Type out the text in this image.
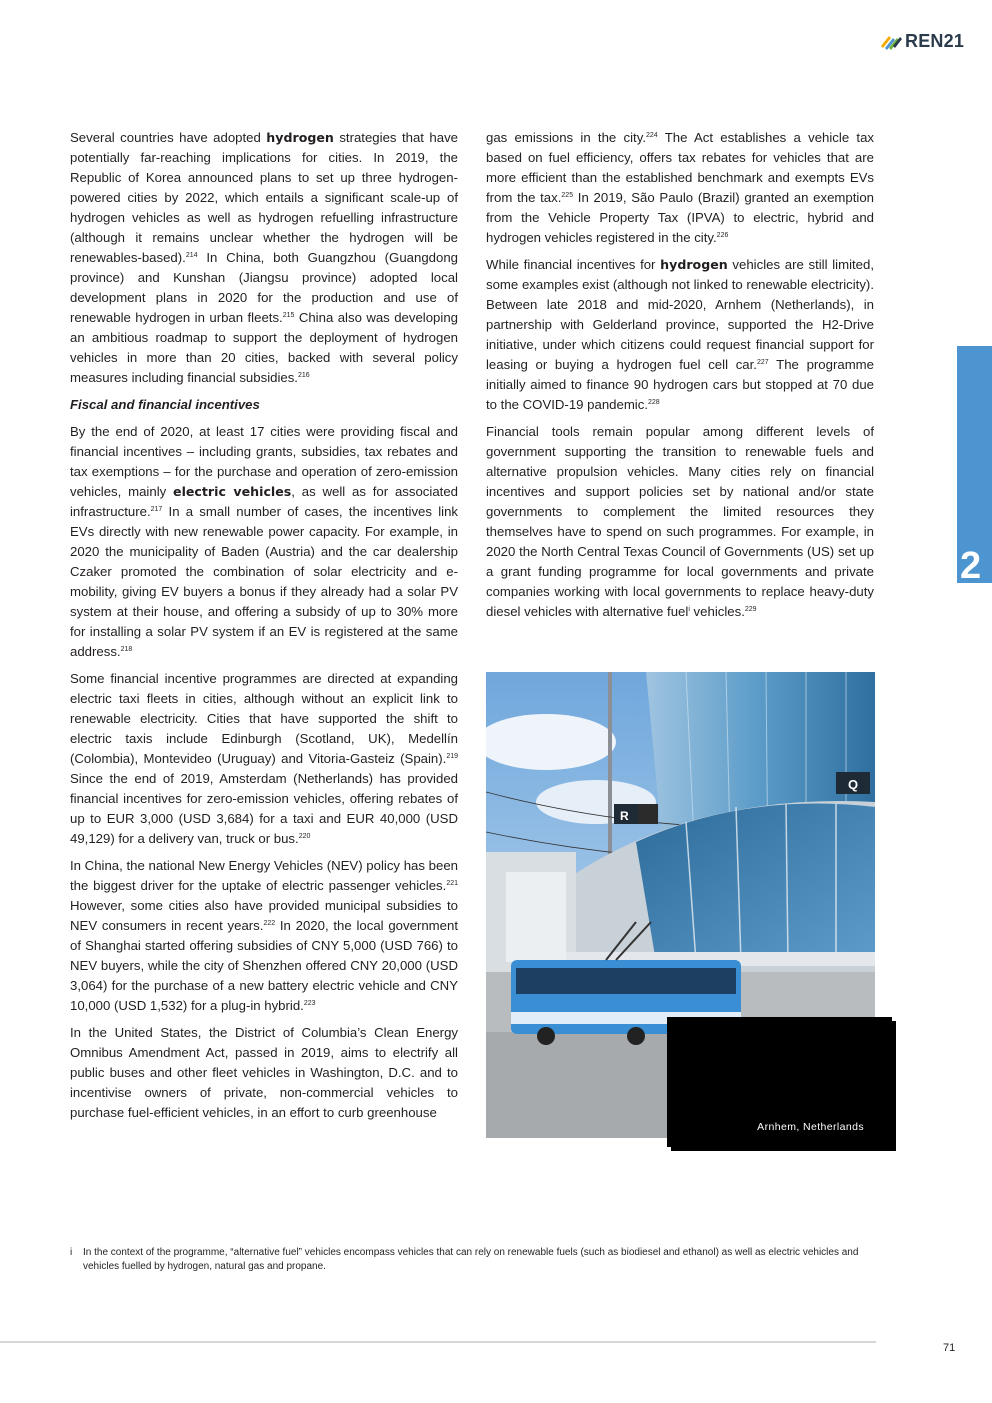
REN21

Several countries have adopted hydrogen strategies that have potentially far-reaching implications for cities. In 2019, the Republic of Korea announced plans to set up three hydrogen-powered cities by 2022, which entails a significant scale-up of hydrogen vehicles as well as hydrogen refuelling infrastructure (although it remains unclear whether the hydrogen will be renewables-based).$^{214}$ In China, both Guangzhou (Guangdong province) and Kunshan (Jiangsu province) adopted local development plans in 2020 for the production and use of renewable hydrogen in urban fleets.$^{215}$ China also was developing an ambitious roadmap to support the deployment of hydrogen vehicles in more than 20 cities, backed with several policy measures including financial subsidies.$^{216}$

Fiscal and financial incentives

By the end of 2020, at least 17 cities were providing fiscal and financial incentives – including grants, subsidies, tax rebates and tax exemptions – for the purchase and operation of zero-emission vehicles, mainly electric vehicles, as well as for associated infrastructure.$^{217}$ In a small number of cases, the incentives link EVs directly with new renewable power capacity. For example, in 2020 the municipality of Baden (Austria) and the car dealership Czaker promoted the combination of solar electricity and e-mobility, giving EV buyers a bonus if they already had a solar PV system at their house, and offering a subsidy of up to 30% more for installing a solar PV system if an EV is registered at the same address.$^{218}$

Some financial incentive programmes are directed at expanding electric taxi fleets in cities, although without an explicit link to renewable electricity. Cities that have supported the shift to electric taxis include Edinburgh (Scotland, UK), Medellín (Colombia), Montevideo (Uruguay) and Vitoria-Gasteiz (Spain).$^{219}$ Since the end of 2019, Amsterdam (Netherlands) has provided financial incentives for zero-emission vehicles, offering rebates of up to EUR 3,000 (USD 3,684) for a taxi and EUR 40,000 (USD 49,129) for a delivery van, truck or bus.$^{220}$

In China, the national New Energy Vehicles (NEV) policy has been the biggest driver for the uptake of electric passenger vehicles.$^{221}$ However, some cities also have provided municipal subsidies to NEV consumers in recent years.$^{222}$ In 2020, the local government of Shanghai started offering subsidies of CNY 5,000 (USD 766) to NEV buyers, while the city of Shenzhen offered CNY 20,000 (USD 3,064) for the purchase of a new battery electric vehicle and CNY 10,000 (USD 1,532) for a plug-in hybrid.$^{223}$

In the United States, the District of Columbia’s Clean Energy Omnibus Amendment Act, passed in 2019, aims to electrify all public buses and other fleet vehicles in Washington, D.C. and to incentivise owners of private, non-commercial vehicles to purchase fuel-efficient vehicles, in an effort to curb greenhouse

gas emissions in the city.$^{224}$ The Act establishes a vehicle tax based on fuel efficiency, offers tax rebates for vehicles that are more efficient than the established benchmark and exempts EVs from the tax.$^{225}$ In 2019, São Paulo (Brazil) granted an exemption from the Vehicle Property Tax (IPVA) to electric, hybrid and hydrogen vehicles registered in the city.$^{226}$

While financial incentives for hydrogen vehicles are still limited, some examples exist (although not linked to renewable electricity). Between late 2018 and mid-2020, Arnhem (Netherlands), in partnership with Gelderland province, supported the H2-Drive initiative, under which citizens could request financial support for leasing or buying a hydrogen fuel cell car.$^{227}$ The programme initially aimed to finance 90 hydrogen cars but stopped at 70 due to the COVID-19 pandemic.$^{228}$

Financial tools remain popular among different levels of government supporting the transition to renewable fuels and alternative propulsion vehicles. Many cities rely on financial incentives and support policies set by national and/or state governments to complement the limited resources they themselves have to spend on such programmes. For example, in 2020 the North Central Texas Council of Governments (US) set up a grant funding programme for local governments and private companies working with local governments to replace heavy-duty diesel vehicles with alternative fuel$^i$ vehicles.$^{229}$

2
Q
R
Arnhem, Netherlands
i In the context of the programme, “alternative fuel” vehicles encompass vehicles that can rely on renewable fuels (such as biodiesel and ethanol) as well as electric vehicles and vehicles fuelled by hydrogen, natural gas and propane.
71
